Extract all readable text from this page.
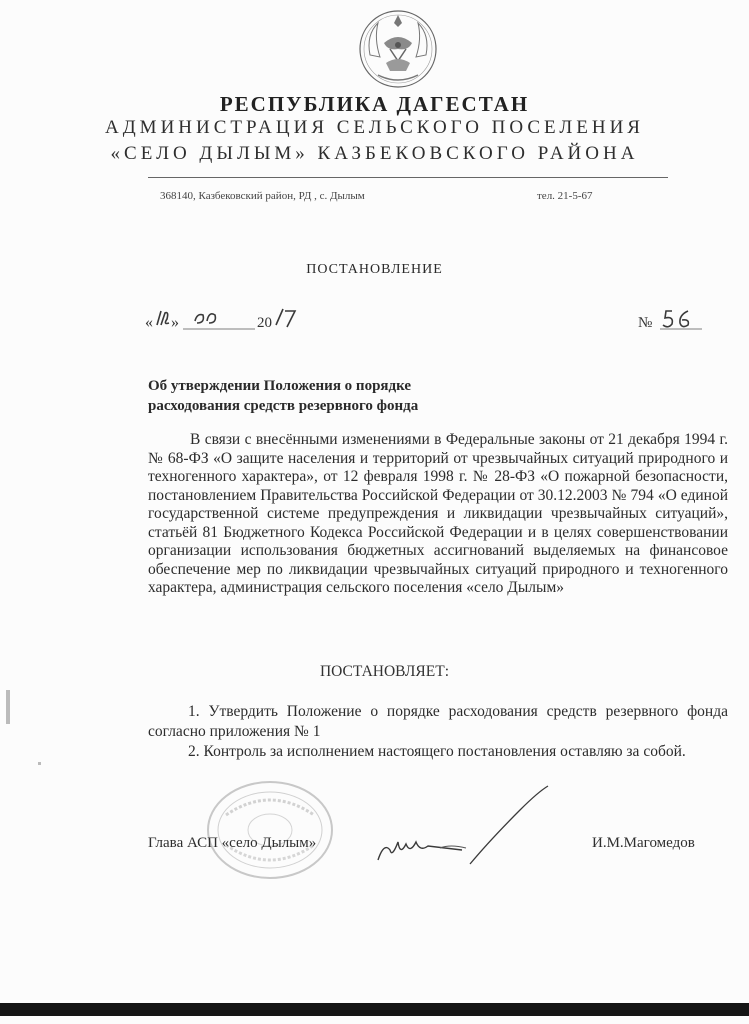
РЕСПУБЛИКА ДАГЕСТАН
АДМИНИСТРАЦИЯ СЕЛЬСКОГО ПОСЕЛЕНИЯ
«СЕЛО ДЫЛЫМ» КАЗБЕКОВСКОГО РАЙОНА
368140, Казбековский район, РД , с. Дылым	тел. 21-5-67
ПОСТАНОВЛЕНИЕ
« »	20	№
Об утверждении Положения о порядке
расходования средств резервного фонда
В связи с внесёнными изменениями в Федеральные законы от 21 декабря 1994 г. № 68-ФЗ «О защите населения и территорий от чрезвычайных ситуаций природного и техногенного характера», от 12 февраля 1998 г. № 28-ФЗ «О пожарной безопасности, постановлением Правительства Российской Федерации от 30.12.2003 № 794 «О единой государственной системе предупреждения и ликвидации чрезвычайных ситуаций», статьёй 81 Бюджетного Кодекса Российской Федерации и в целях совершенствовании организации использования бюджетных ассигнований выделяемых на финансовое обеспечение мер по ликвидации чрезвычайных ситуаций природного и техногенного характера, администрация сельского поселения «село Дылым»
ПОСТАНОВЛЯЕТ:

1. Утвердить Положение о порядке расходования средств резервного фонда согласно приложения № 1

2. Контроль за исполнением настоящего постановления оставляю за собой.

Глава АСП «село Дылым»	И.М.Магомедов
